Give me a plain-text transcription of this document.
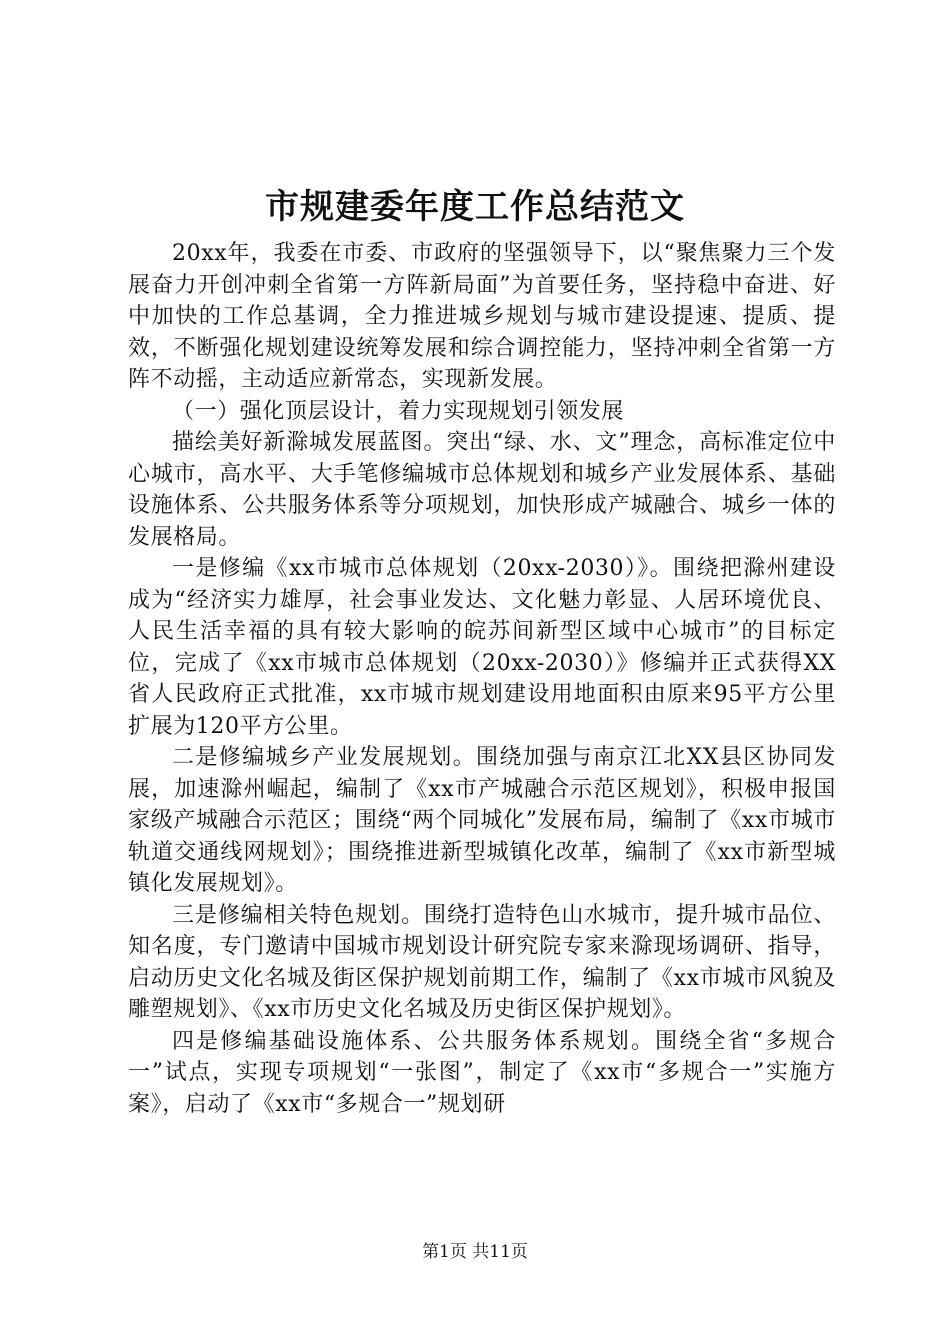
市规建委年度工作总结范文

20xx年，我委在市委、市政府的坚强领导下，以“聚焦聚力三个发展奋力开创冲刺全省第一方阵新局面”为首要任务，坚持稳中奋进、好中加快的工作总基调，全力推进城乡规划与城市建设提速、提质、提效，不断强化规划建设统筹发展和综合调控能力，坚持冲刺全省第一方阵不动摇，主动适应新常态，实现新发展。

（一）强化顶层设计，着力实现规划引领发展

描绘美好新滁城发展蓝图。突出“绿、水、文”理念，高标准定位中心城市，高水平、大手笔修编城市总体规划和城乡产业发展体系、基础设施体系、公共服务体系等分项规划，加快形成产城融合、城乡一体的发展格局。

一是修编《xx市城市总体规划（20xx-2030）》。围绕把滁州建设成为“经济实力雄厚，社会事业发达、文化魅力彰显、人居环境优良、人民生活幸福的具有较大影响的皖苏间新型区域中心城市”的目标定位，完成了《xx市城市总体规划（20xx-2030）》修编并正式获得XX省人民政府正式批准，xx市城市规划建设用地面积由原来95平方公里扩展为120平方公里。

二是修编城乡产业发展规划。围绕加强与南京江北XX县区协同发展，加速滁州崛起，编制了《xx市产城融合示范区规划》，积极申报国家级产城融合示范区；围绕“两个同城化”发展布局，编制了《xx市城市轨道交通线网规划》；围绕推进新型城镇化改革，编制了《xx市新型城镇化发展规划》。

三是修编相关特色规划。围绕打造特色山水城市，提升城市品位、知名度，专门邀请中国城市规划设计研究院专家来滁现场调研、指导，启动历史文化名城及街区保护规划前期工作，编制了《xx市城市风貌及雕塑规划》、《xx市历史文化名城及历史街区保护规划》。

四是修编基础设施体系、公共服务体系规划。围绕全省“多规合一”试点，实现专项规划“一张图”，制定了《xx市“多规合一”实施方案》，启动了《xx市“多规合一”规划研

第1页 共11页
